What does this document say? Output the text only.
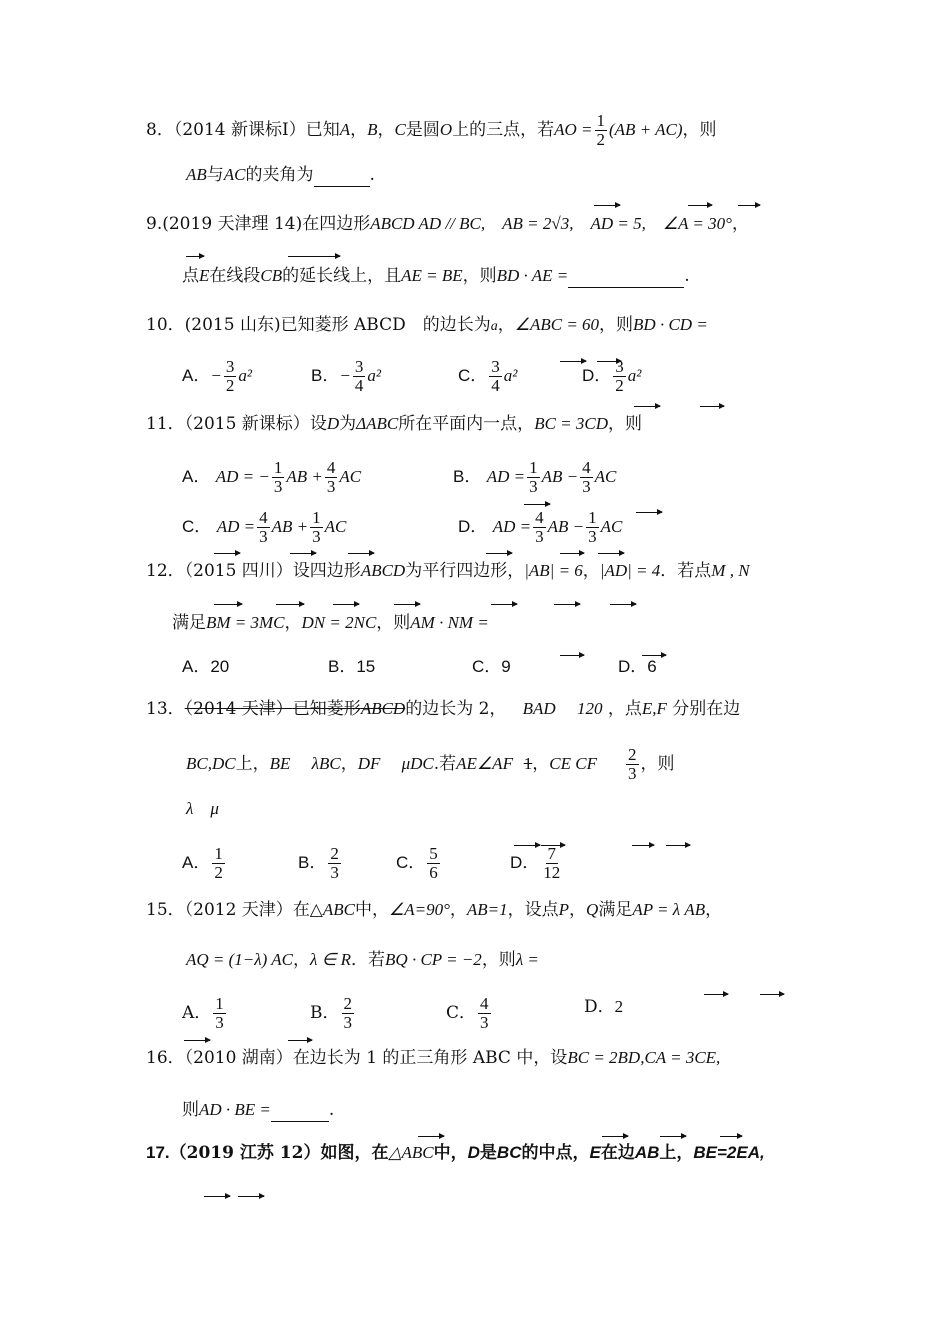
8．（2014 新课标Ⅰ）已知A，B，C是圆O上的三点，若AO = $\frac{1}{2} (AB + AC)$，则
AB与AC的夹角为	.
9.(2019 天津理 14)在四边形ABCD AD // BC,　 AB = 2√3,　 AD = 5,　 ∠A = 30°，
点E在线段CB的延长线上，且AE = BE，则BD · AE =	.
10．(2015 山东)已知菱形 ABCD　的边长为a，∠ABC = 60，则BD · CD =
A．− $\frac{3}{2} a^2$	B．− $\frac{3}{4} a^2$	C． $\frac{3}{4} a^2$	D． $\frac{3}{2} a^2$
11．（2015 新课标）设D为ΔABC所在平面内一点，BC = 3CD，则
A． AD = − $\frac{1}{3}$ AB + $\frac{4}{3}$ AC	B． AD = $\frac{1}{3}$ AB − $\frac{4}{3}$ AC
C． AD = $\frac{4}{3}$ AB + $\frac{1}{3}$ AC	D． AD = $\frac{4}{3}$ AB − $\frac{1}{3}$ AC
12．（2015 四川）设四边形ABCD为平行四边形，|AB| = 6，|AD| = 4．若点M , N
满足BM = 3MC，DN = 2NC，则AM · NM =
A．20	B．15	C．9	D．6
13．（2014 天津）已知菱形ABCD的边长为 2， BAD　 120 ，点E,F 分别在边
BC,DC上，BE　 λBC，DF　 μDC.若AE∠AF 1，CE CF $\frac{2}{3}$ ，则
λ　μ
A． $\frac{1}{2}$	B． $\frac{2}{3}$	C． $\frac{5}{6}$	D． $\frac{7}{12}$
15．（2012 天津）在△ABC中，∠A=90°，AB=1，设点P，Q满足AP = λ AB，
AQ = (1−λ) AC，λ ∈ R．若BQ · CP = −2，则λ =
A． $\frac{1}{3}$	B． $\frac{2}{3}$	C． $\frac{4}{3}$	D．2
16．（2010 湖南）在边长为 1 的正三角形 ABC 中，设BC = 2BD,CA = 3CE,
则AD · BE =	.
17.（2019 江苏 12）如图，在△ABC中，D是BC的中点，E在边AB上，BE=2EA,
